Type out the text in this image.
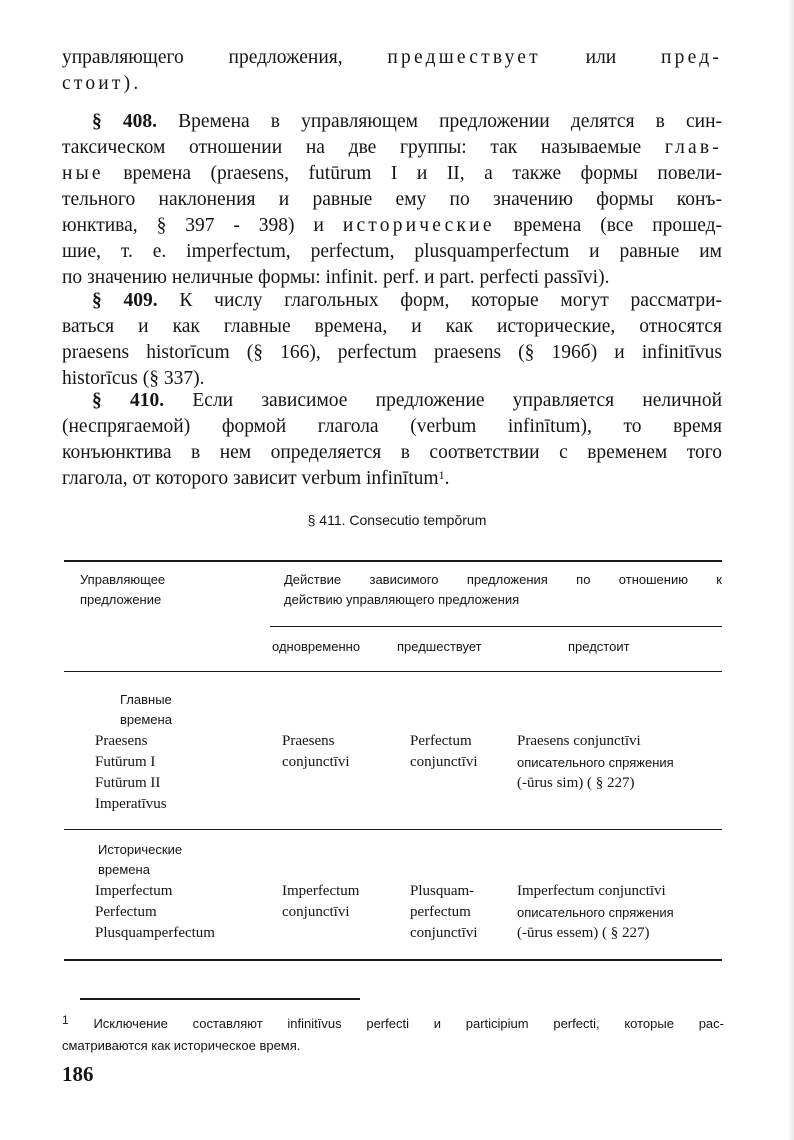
управляющего предложения, предшествует или пред-
стоит).
§ 408. Времена в управляющем предложении делятся в син-
таксическом отношении на две группы: так называемые глав-
ные времена (praesens, futūrum I и II, а также формы повели-
тельного наклонения и равные ему по значению формы конъ-
юнктива, § 397 - 398) и исторические времена (все прошед-
шие, т. е. imperfectum, perfectum, plusquamperfectum и равные им
по значению неличные формы: infinit. perf. и part. perfecti passīvi).
§ 409. К числу глагольных форм, которые могут рассматри-
ваться и как главные времена, и как исторические, относятся
praesens historīcum (§ 166), perfectum praesens (§ 196б) и infinitīvus
historīcus (§ 337).
§ 410. Если зависимое предложение управляется неличной
(неспрягаемой) формой глагола (verbum infinītum), то время
конъюнктива в нем определяется в соответствии с временем того
глагола, от которого зависит verbum infinītum$^1$.
§ 411. Consecutio tempŏrum
Управляющее
предложение
Действие зависимого предложения по отношению к
действию управляющего предложения
одновременно	предшествует	предстоит
Главные
времена
Praesens
Futūrum I
Futūrum II
Imperatīvus
Praesens
conjunctīvi
Perfectum
conjunctīvi
Praesens conjunctīvi
описательного спряжения
(-ūrus sim) ( § 227)
Исторические
времена
Imperfectum
Perfectum
Plusquamperfectum
Imperfectum
conjunctīvi
Plusquam-
perfectum
conjunctīvi
Imperfectum conjunctīvi
описательного спряжения
(-ūrus essem) ( § 227)
$^1$ Исключение составляют infinitīvus perfecti и participium perfecti, которые рас-
сматриваются как историческое время.
186
